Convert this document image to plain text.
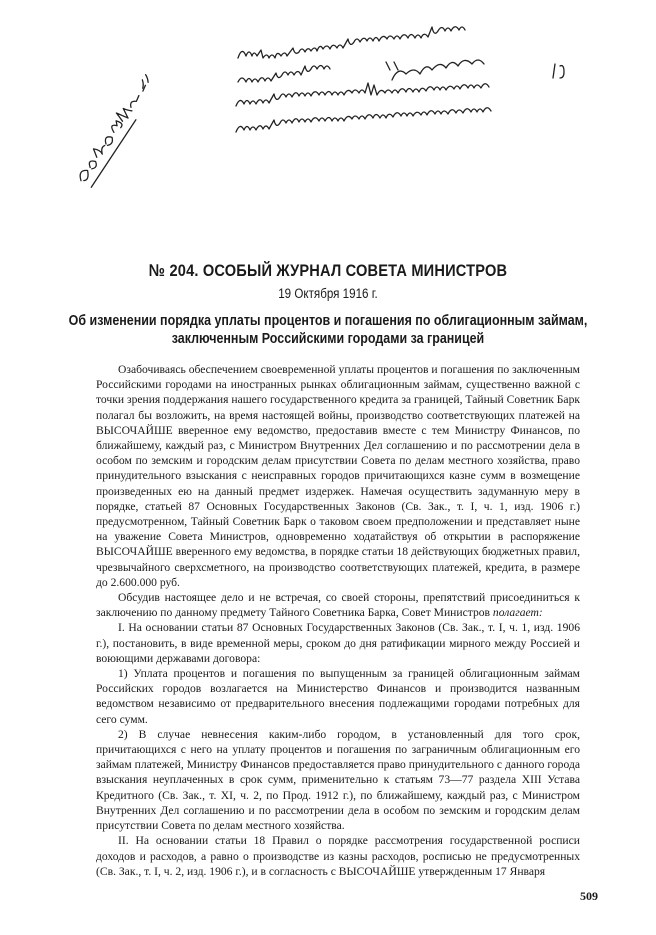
№ 204. ОСОБЫЙ ЖУРНАЛ СОВЕТА МИНИСТРОВ
19 Октября 1916 г.
Об изменении порядка уплаты процентов и погашения по облигационным займам,
заключенным Российскими городами за границей

Озабочиваясь обеспечением своевременной уплаты процентов и погашения по заключенным Российскими городами на иностранных рынках облигационным займам, существенно важной с точки зрения поддержания нашего государственного кредита за границей, Тайный Советник Барк полагал бы возложить, на время настоящей войны, производство соответствующих платежей на ВЫСОЧАЙШЕ вверенное ему ведомство, предоставив вместе с тем Министру Финансов, по ближайшему, каждый раз, с Министром Внутренних Дел соглашению и по рассмотрении дела в особом по земским и городским делам присутствии Совета по делам местного хозяйства, право принудительного взыскания с неисправных городов причитающихся казне сумм в возмещение произведенных ею на данный предмет издержек. Намечая осуществить задуманную меру в порядке, статьей 87 Основных Государственных Законов (Св. Зак., т. I, ч. 1, изд. 1906 г.) предусмотренном, Тайный Советник Барк о таковом своем предположении и представляет ныне на уважение Совета Министров, одновременно ходатайствуя об открытии в распоряжение ВЫСОЧАЙШЕ вверенного ему ведомства, в порядке статьи 18 действующих бюджетных правил, чрезвычайного сверхсметного, на производство соответствующих платежей, кредита, в размере до 2.600.000 руб.

Обсудив настоящее дело и не встречая, со своей стороны, препятствий присоединиться к заключению по данному предмету Тайного Советника Барка, Совет Министров полагает:

I. На основании статьи 87 Основных Государственных Законов (Св. Зак., т. I, ч. 1, изд. 1906 г.), постановить, в виде временной меры, сроком до дня ратификации мирного между Россией и воюющими державами договора:

1) Уплата процентов и погашения по выпущенным за границей облигационным займам Российских городов возлагается на Министерство Финансов и производится названным ведомством независимо от предварительного внесения подлежащими городами потребных для сего сумм.

2) В случае невнесения каким-либо городом, в установленный для того срок, причитающихся с него на уплату процентов и погашения по заграничным облигационным его займам платежей, Министру Финансов предоставляется право принудительного с данного города взыскания неуплаченных в срок сумм, применительно к статьям 73—77 раздела XIII Устава Кредитного (Св. Зак., т. XI, ч. 2, по Прод. 1912 г.), по ближайшему, каждый раз, с Министром Внутренних Дел соглашению и по рассмотрении дела в особом по земским и городским делам присутствии Совета по делам местного хозяйства.

II. На основании статьи 18 Правил о порядке рассмотрения государственной росписи доходов и расходов, а равно о производстве из казны расходов, росписью не предусмотренных (Св. Зак., т. I, ч. 2, изд. 1906 г.), и в согласность с ВЫСОЧАЙШЕ утвержденным 17 Января

509
